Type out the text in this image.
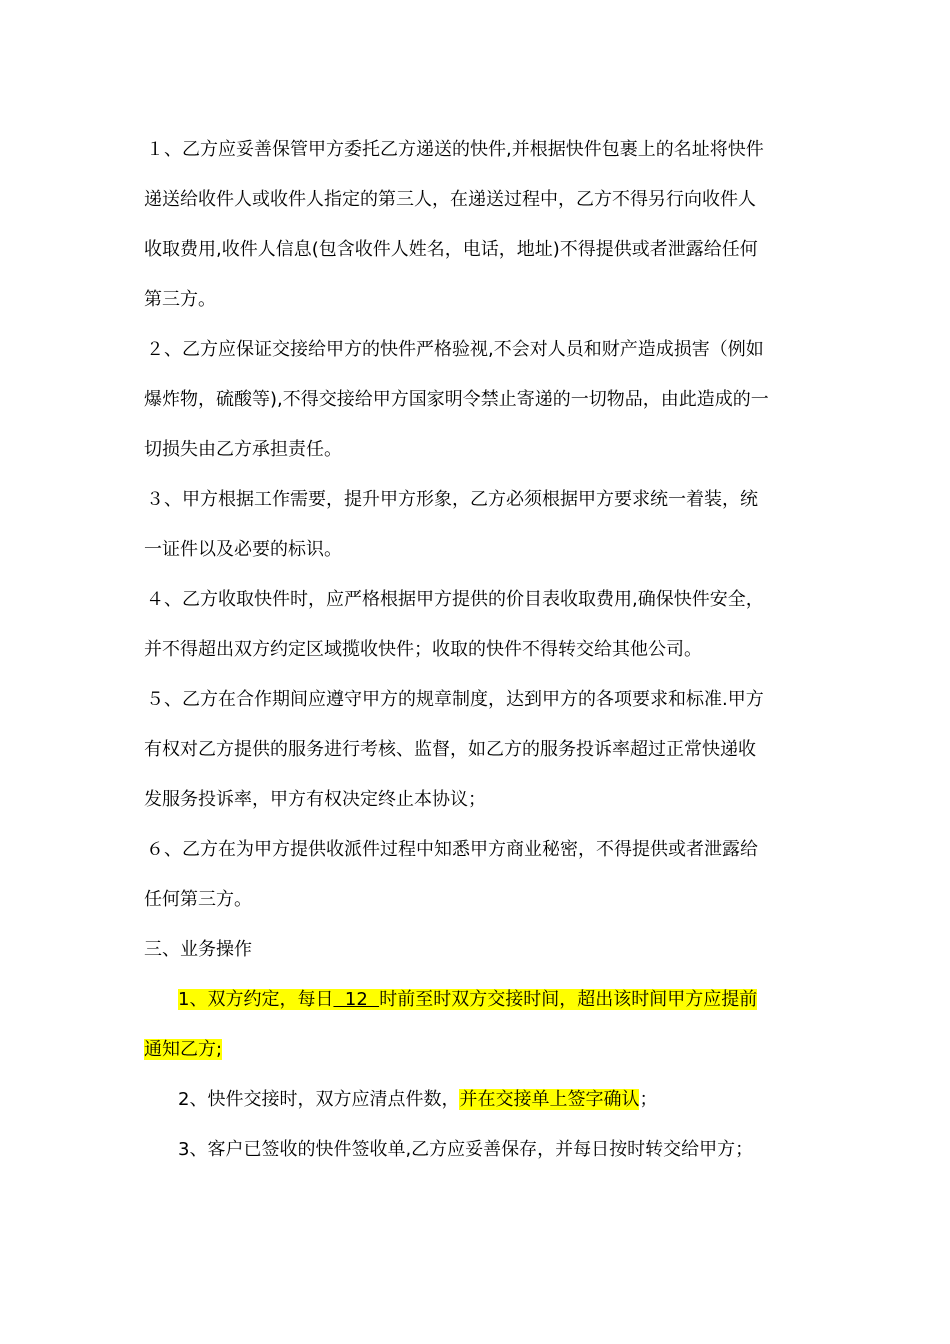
１、乙方应妥善保管甲方委托乙方递送的快件,并根据快件包裹上的名址将快件
递送给收件人或收件人指定的第三人，在递送过程中，乙方不得另行向收件人
收取费用,收件人信息(包含收件人姓名，电话，地址)不得提供或者泄露给任何
第三方。
２、乙方应保证交接给甲方的快件严格验视,不会对人员和财产造成损害（例如
爆炸物，硫酸等),不得交接给甲方国家明令禁止寄递的一切物品，由此造成的一
切损失由乙方承担责任。
３、甲方根据工作需要，提升甲方形象，乙方必须根据甲方要求统一着装，统
一证件以及必要的标识。
４、乙方收取快件时，应严格根据甲方提供的价目表收取费用,确保快件安全，
并不得超出双方约定区域揽收快件；收取的快件不得转交给其他公司。
５、乙方在合作期间应遵守甲方的规章制度，达到甲方的各项要求和标准.甲方
有权对乙方提供的服务进行考核、监督，如乙方的服务投诉率超过正常快递收
发服务投诉率，甲方有权决定终止本协议；
６、乙方在为甲方提供收派件过程中知悉甲方商业秘密，不得提供或者泄露给
任何第三方。
三、业务操作
1、双方约定，每日  12  时前至时双方交接时间，超出该时间甲方应提前
通知乙方;
2、快件交接时，双方应清点件数，并在交接单上签字确认；
3、客户已签收的快件签收单,乙方应妥善保存，并每日按时转交给甲方；
